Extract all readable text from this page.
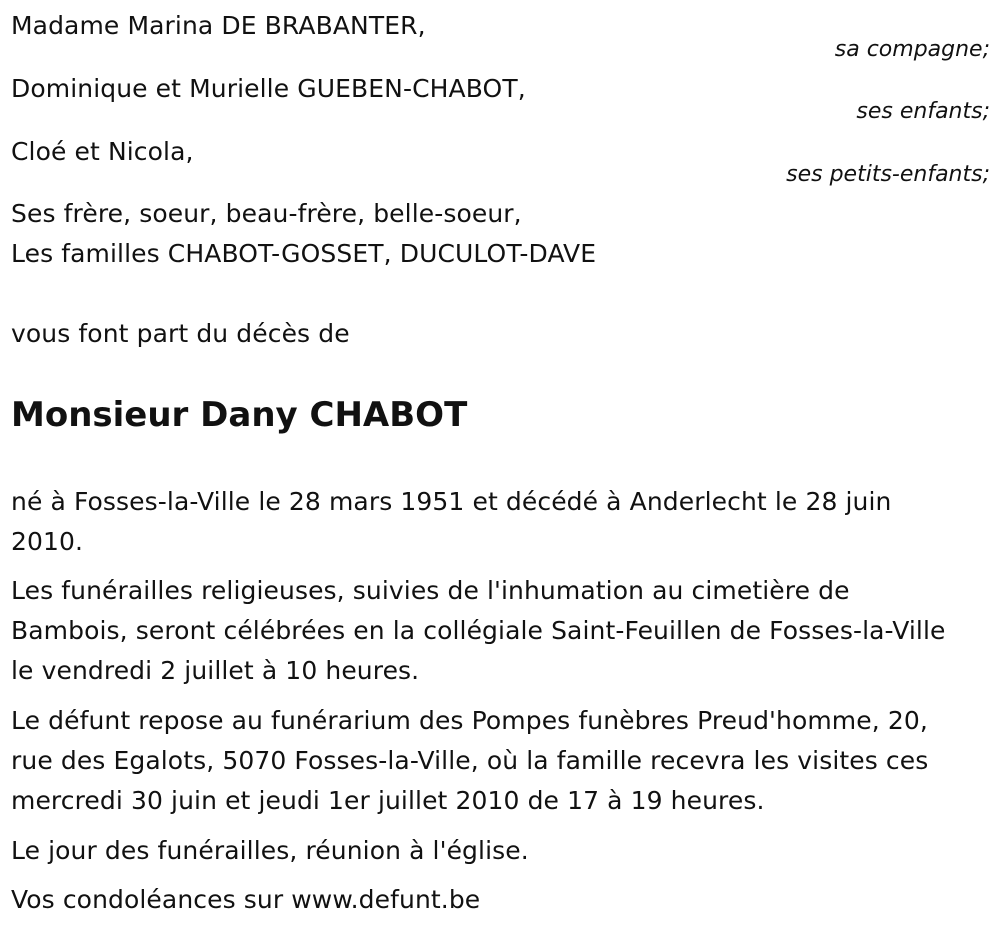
Madame Marina DE BRABANTER,
sa compagne;
Dominique et Murielle GUEBEN-CHABOT,
ses enfants;
Cloé et Nicola,
ses petits-enfants;
Ses frère, soeur, beau-frère, belle-soeur,
Les familles CHABOT-GOSSET, DUCULOT-DAVE
vous font part du décès de
Monsieur Dany CHABOT
né à Fosses-la-Ville le 28 mars 1951 et décédé à Anderlecht le 28 juin
2010.
Les funérailles religieuses, suivies de l'inhumation au cimetière de
Bambois, seront célébrées en la collégiale Saint-Feuillen de Fosses-la-Ville
le vendredi 2 juillet à 10 heures.
Le défunt repose au funérarium des Pompes funèbres Preud'homme, 20,
rue des Egalots, 5070 Fosses-la-Ville, où la famille recevra les visites ces
mercredi 30 juin et jeudi 1er juillet 2010 de 17 à 19 heures.
Le jour des funérailles, réunion à l'église.
Vos condoléances sur www.defunt.be
